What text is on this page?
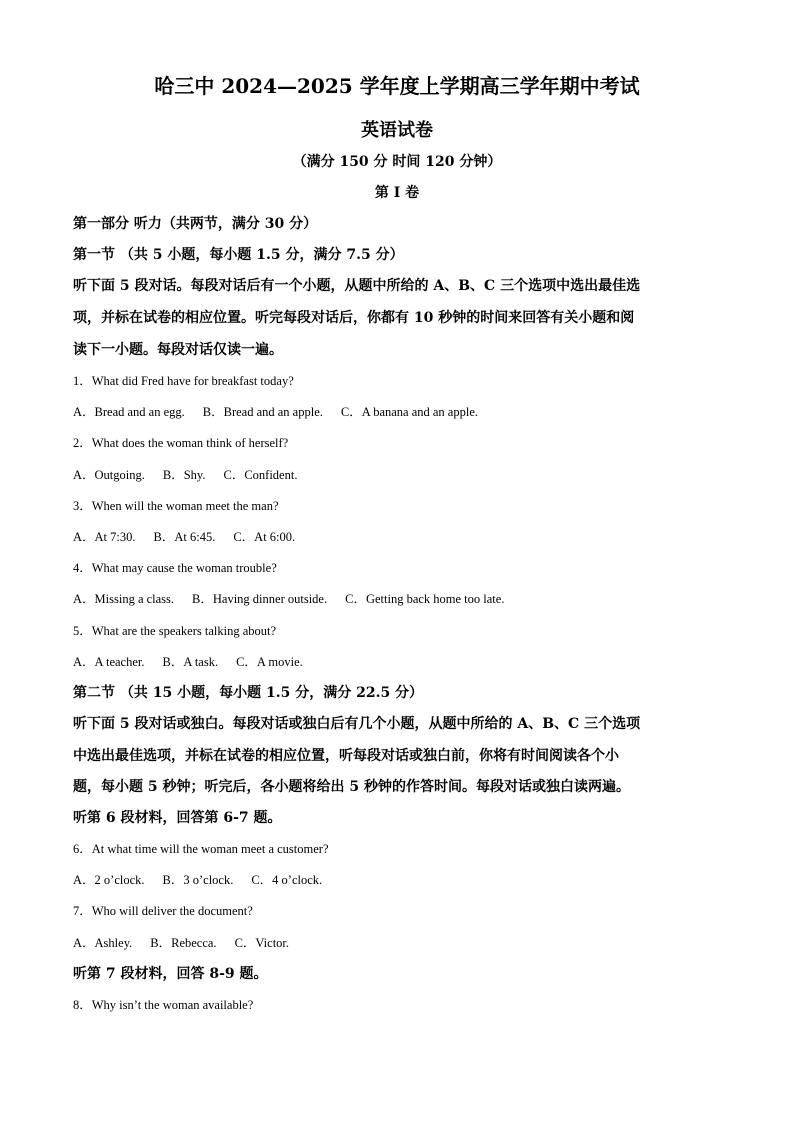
哈三中 2024—2025 学年度上学期高三学年期中考试
英语试卷
（满分 150 分 时间 120 分钟）
第 I 卷
第一部分 听力（共两节，满分 30 分）
第一节 （共 5 小题，每小题 1.5 分，满分 7.5 分）
听下面 5 段对话。每段对话后有一个小题，从题中所给的 A、B、C 三个选项中选出最佳选
项，并标在试卷的相应位置。听完每段对话后，你都有 10 秒钟的时间来回答有关小题和阅
读下一小题。每段对话仅读一遍。
1．What did Fred have for breakfast today?
A．Bread and an egg. B．Bread and an apple. C．A banana and an apple.
2．What does the woman think of herself?
A．Outgoing. B．Shy. C．Confident.
3．When will the woman meet the man?
A．At 7:30. B．At 6:45. C．At 6:00.
4．What may cause the woman trouble?
A．Missing a class. B．Having dinner outside. C．Getting back home too late.
5．What are the speakers talking about?
A．A teacher. B．A task. C．A movie.
第二节 （共 15 小题，每小题 1.5 分，满分 22.5 分）
听下面 5 段对话或独白。每段对话或独白后有几个小题，从题中所给的 A、B、C 三个选项
中选出最佳选项，并标在试卷的相应位置，听每段对话或独白前，你将有时间阅读各个小
题，每小题 5 秒钟；听完后，各小题将给出 5 秒钟的作答时间。每段对话或独白读两遍。
听第 6 段材料，回答第 6-7 题。
6．At what time will the woman meet a customer?
A．2 o’clock. B．3 o’clock. C．4 o’clock.
7．Who will deliver the document?
A．Ashley. B．Rebecca. C．Victor.
听第 7 段材料，回答 8-9 题。
8．Why isn’t the woman available?
